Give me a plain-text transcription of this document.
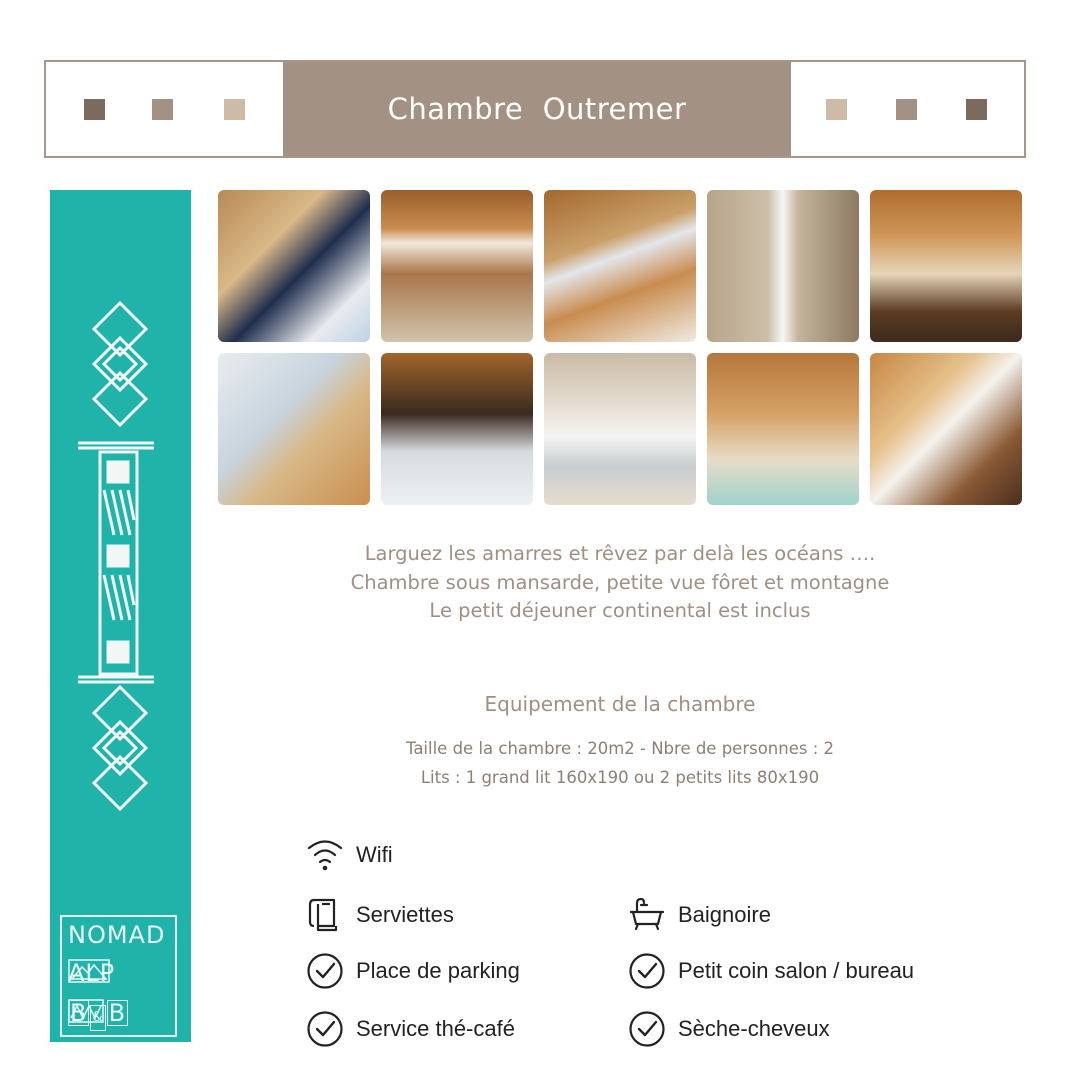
Chambre  Outremer
NOMAD
ALP
B & B
Larguez les amarres et rêvez par delà les océans ….
Chambre sous mansarde, petite vue fôret et montagne
Le petit déjeuner continental est inclus
Equipement de la chambre
Taille de la chambre : 20m2 - Nbre de personnes : 2
Lits : 1 grand lit 160x190 ou 2 petits lits 80x190
Wifi
Serviettes
Place de parking
Service thé-café
Baignoire
Petit coin salon / bureau
Sèche-cheveux
